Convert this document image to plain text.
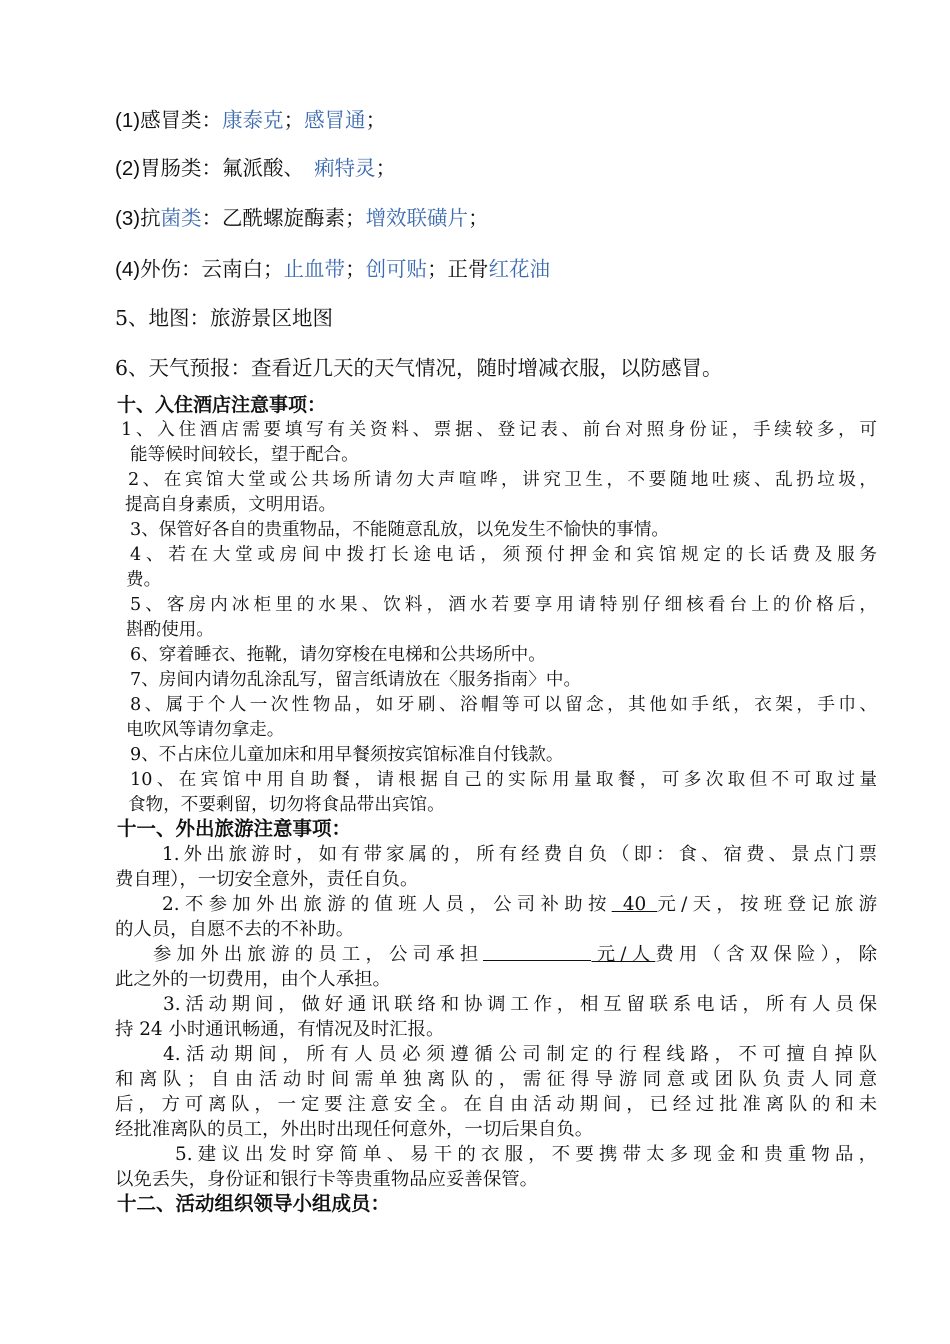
(1)感冒类：康泰克；感冒通；
(2)胃肠类：氟派酸、 痢特灵；
(3)抗菌类：乙酰螺旋酶素；增效联磺片；
(4)外伤：云南白；止血带；创可贴；正骨红花油
5、地图：旅游景区地图
6、天气预报：查看近几天的天气情况，随时增减衣服，以防感冒。
十、入住酒店注意事项：
1、入住酒店需要填写有关资料、票据、登记表、前台对照身份证，手续较多，可
能等候时间较长，望于配合。
2、在宾馆大堂或公共场所请勿大声喧哗，讲究卫生，不要随地吐痰、乱扔垃圾，
提高自身素质，文明用语。
3、保管好各自的贵重物品，不能随意乱放，以免发生不愉快的事情。
4、若在大堂或房间中拨打长途电话，须预付押金和宾馆规定的长话费及服务
费。
5、客房内冰柜里的水果、饮料，酒水若要享用请特别仔细核看台上的价格后，
斟酌使用。
6、穿着睡衣、拖靴，请勿穿梭在电梯和公共场所中。
7、房间内请勿乱涂乱写，留言纸请放在〈服务指南〉中。
8、属于个人一次性物品，如牙刷、浴帽等可以留念，其他如手纸，衣架，手巾、
电吹风等请勿拿走。
9、不占床位儿童加床和用早餐须按宾馆标准自付钱款。
10、在宾馆中用自助餐，请根据自己的实际用量取餐，可多次取但不可取过量
食物，不要剩留，切勿将食品带出宾馆。
十一、外出旅游注意事项：
1.外出旅游时，如有带家属的，所有经费自负（即：食、宿费、景点门票
费自理），一切安全意外，责任自负。
2.不参加外出旅游的值班人员，公司补助按 40 元/天，按班登记旅游
的人员，自愿不去的不补助。
参加外出旅游的员工，公司承担	元/人费用（含双保险），除
此之外的一切费用，由个人承担。
3.活动期间，做好通讯联络和协调工作，相互留联系电话，所有人员保
持 24 小时通讯畅通，有情况及时汇报。
4.活动期间，所有人员必须遵循公司制定的行程线路，不可擅自掉队
和离队；自由活动时间需单独离队的，需征得导游同意或团队负责人同意
后，方可离队，一定要注意安全。在自由活动期间，已经过批准离队的和未
经批准离队的员工，外出时出现任何意外，一切后果自负。
5.建议出发时穿简单、易干的衣服，不要携带太多现金和贵重物品，
以免丢失，身份证和银行卡等贵重物品应妥善保管。
十二、活动组织领导小组成员：
